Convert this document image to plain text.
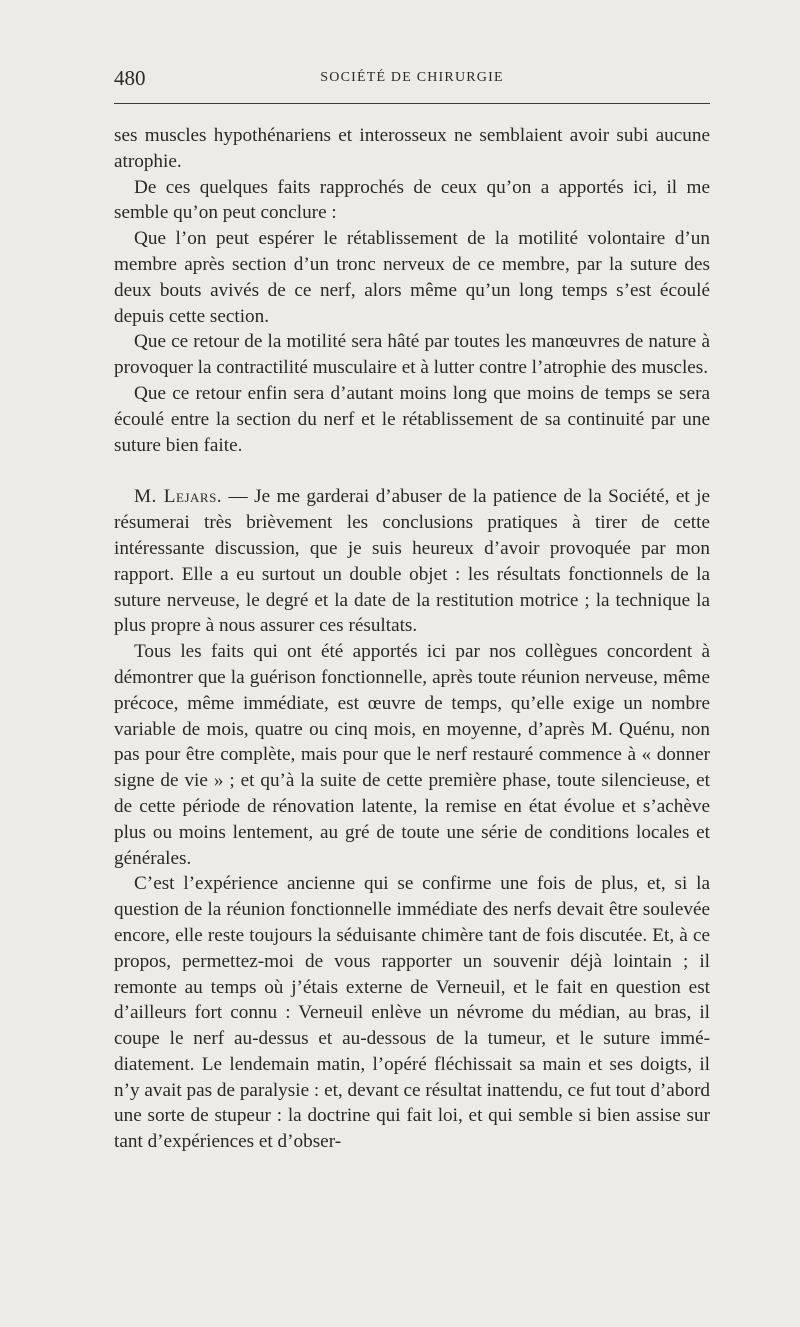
480	SOCIÉTÉ DE CHIRURGIE

ses muscles hypothénariens et interosseux ne semblaient avoir subi aucune atrophie.

De ces quelques faits rapprochés de ceux qu’on a apportés ici, il me semble qu’on peut conclure :

Que l’on peut espérer le rétablissement de la motilité volontaire d’un membre après section d’un tronc nerveux de ce membre, par la suture des deux bouts avivés de ce nerf, alors même qu’un long temps s’est écoulé depuis cette section.

Que ce retour de la motilité sera hâté par toutes les manœuvres de nature à provoquer la contractilité musculaire et à lutter contre l’atrophie des muscles.

Que ce retour enfin sera d’autant moins long que moins de temps se sera écoulé entre la section du nerf et le rétablissement de sa continuité par une suture bien faite.

M. Lejars. — Je me garderai d’abuser de la patience de la Société, et je résumerai très brièvement les conclusions pratiques à tirer de cette intéressante discussion, que je suis heureux d’avoir provoquée par mon rapport. Elle a eu surtout un double objet : les résultats fonctionnels de la suture nerveuse, le degré et la date de la restitution motrice ; la technique la plus propre à nous assurer ces résultats.

Tous les faits qui ont été apportés ici par nos collègues concordent à démontrer que la guérison fonctionnelle, après toute réunion nerveuse, même précoce, même immédiate, est œuvre de temps, qu’elle exige un nombre variable de mois, quatre ou cinq mois, en moyenne, d’après M. Quénu, non pas pour être complète, mais pour que le nerf restauré commence à « donner signe de vie » ; et qu’à la suite de cette première phase, toute silencieuse, et de cette période de rénovation latente, la remise en état évolue et s’achève plus ou moins lentement, au gré de toute une série de conditions locales et générales.

C’est l’expérience ancienne qui se confirme une fois de plus, et, si la question de la réunion fonctionnelle immédiate des nerfs devait être soulevée encore, elle reste toujours la séduisante chimère tant de fois discutée. Et, à ce propos, permettez-moi de vous rapporter un souvenir déjà lointain ; il remonte au temps où j’étais externe de Verneuil, et le fait en question est d’ailleurs fort connu : Verneuil enlève un névrome du médian, au bras, il coupe le nerf au-dessus et au-dessous de la tumeur, et le suture immédiatement. Le lendemain matin, l’opéré fléchissait sa main et ses doigts, il n’y avait pas de paralysie : et, devant ce résultat inattendu, ce fut tout d’abord une sorte de stupeur : la doctrine qui fait loi, et qui semble si bien assise sur tant d’expériences et d’obser-
